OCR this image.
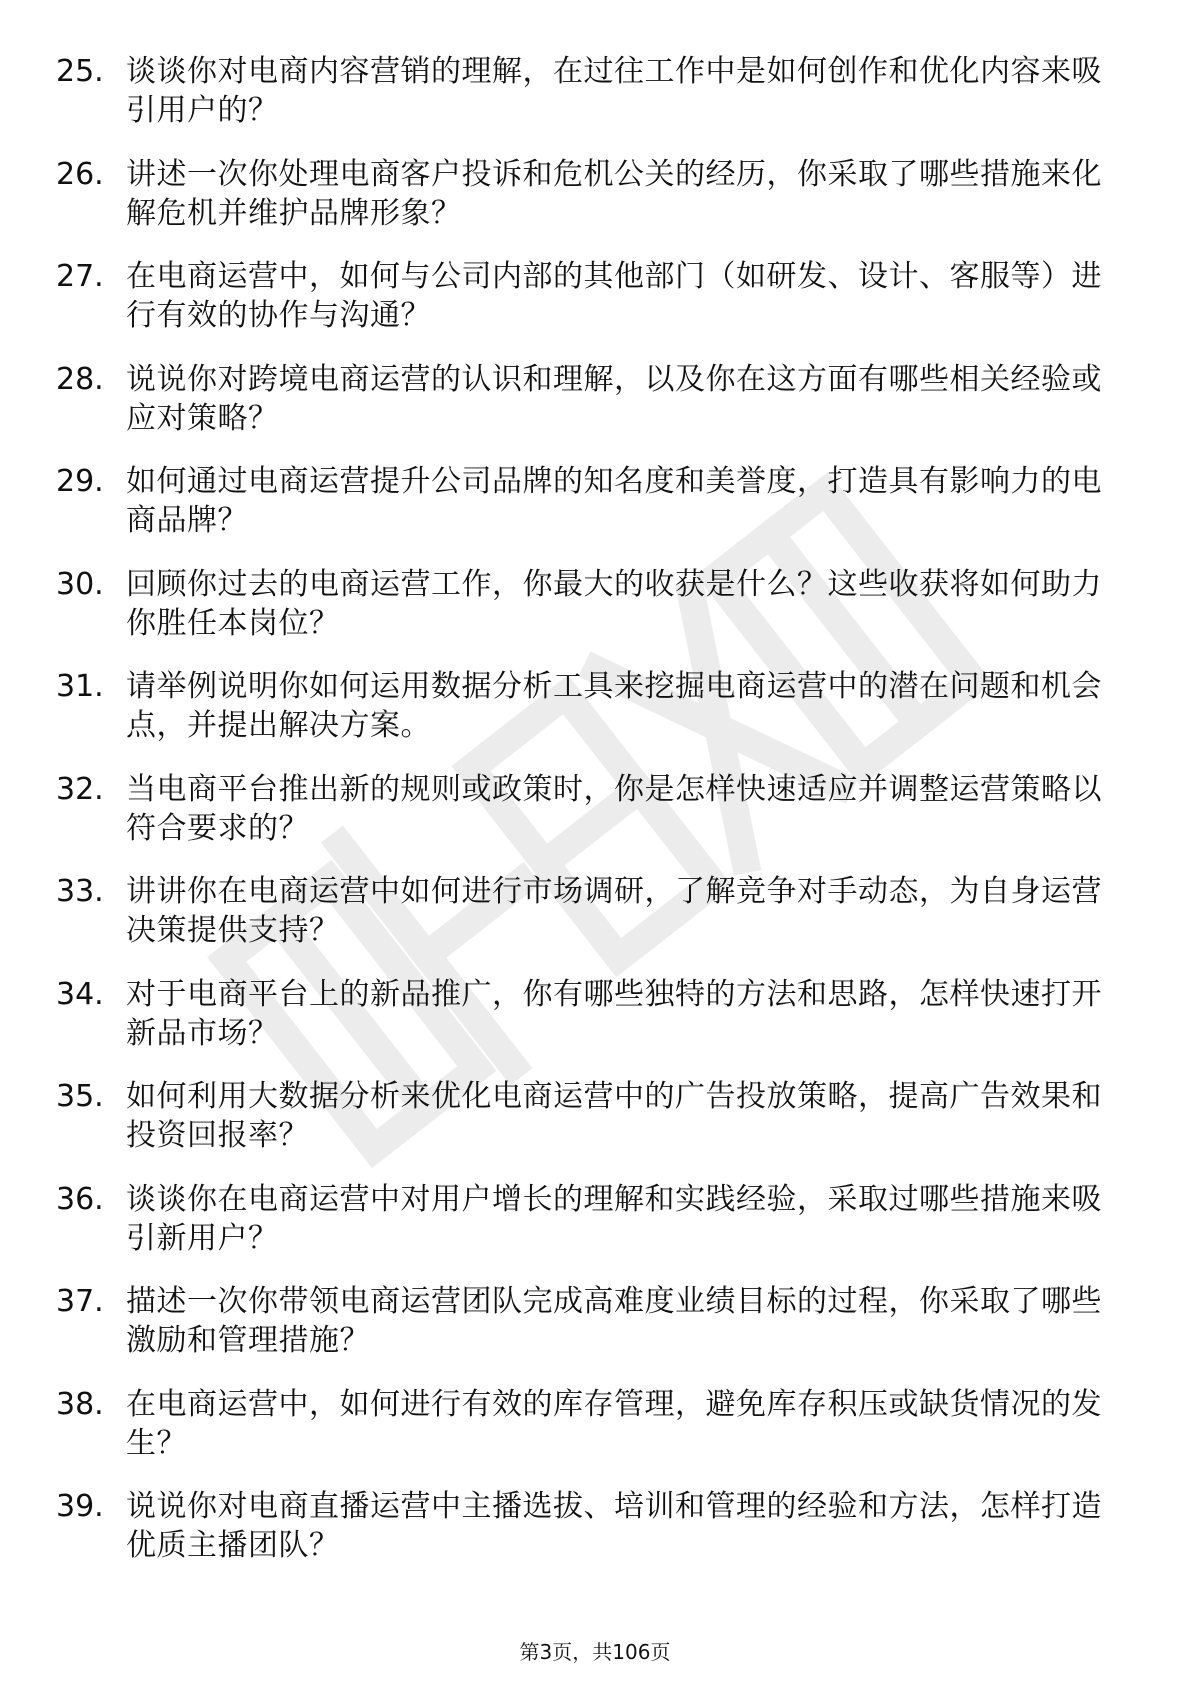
25. 谈谈你对电商内容营销的理解，在过往工作中是如何创作和优化内容来吸引用户的？
26. 讲述一次你处理电商客户投诉和危机公关的经历，你采取了哪些措施来化解危机并维护品牌形象？
27. 在电商运营中，如何与公司内部的其他部门（如研发、设计、客服等）进行有效的协作与沟通？
28. 说说你对跨境电商运营的认识和理解，以及你在这方面有哪些相关经验或应对策略？
29. 如何通过电商运营提升公司品牌的知名度和美誉度，打造具有影响力的电商品牌？
30. 回顾你过去的电商运营工作，你最大的收获是什么？这些收获将如何助力你胜任本岗位？
31. 请举例说明你如何运用数据分析工具来挖掘电商运营中的潜在问题和机会点，并提出解决方案。
32. 当电商平台推出新的规则或政策时，你是怎样快速适应并调整运营策略以符合要求的？
33. 讲讲你在电商运营中如何进行市场调研，了解竞争对手动态，为自身运营决策提供支持？
34. 对于电商平台上的新品推广，你有哪些独特的方法和思路，怎样快速打开新品市场？
35. 如何利用大数据分析来优化电商运营中的广告投放策略，提高广告效果和投资回报率？
36. 谈谈你在电商运营中对用户增长的理解和实践经验，采取过哪些措施来吸引新用户？
37. 描述一次你带领电商运营团队完成高难度业绩目标的过程，你采取了哪些激励和管理措施？
38. 在电商运营中，如何进行有效的库存管理，避免库存积压或缺货情况的发生？
39. 说说你对电商直播运营中主播选拔、培训和管理的经验和方法，怎样打造优质主播团队？
第3页，共106页
